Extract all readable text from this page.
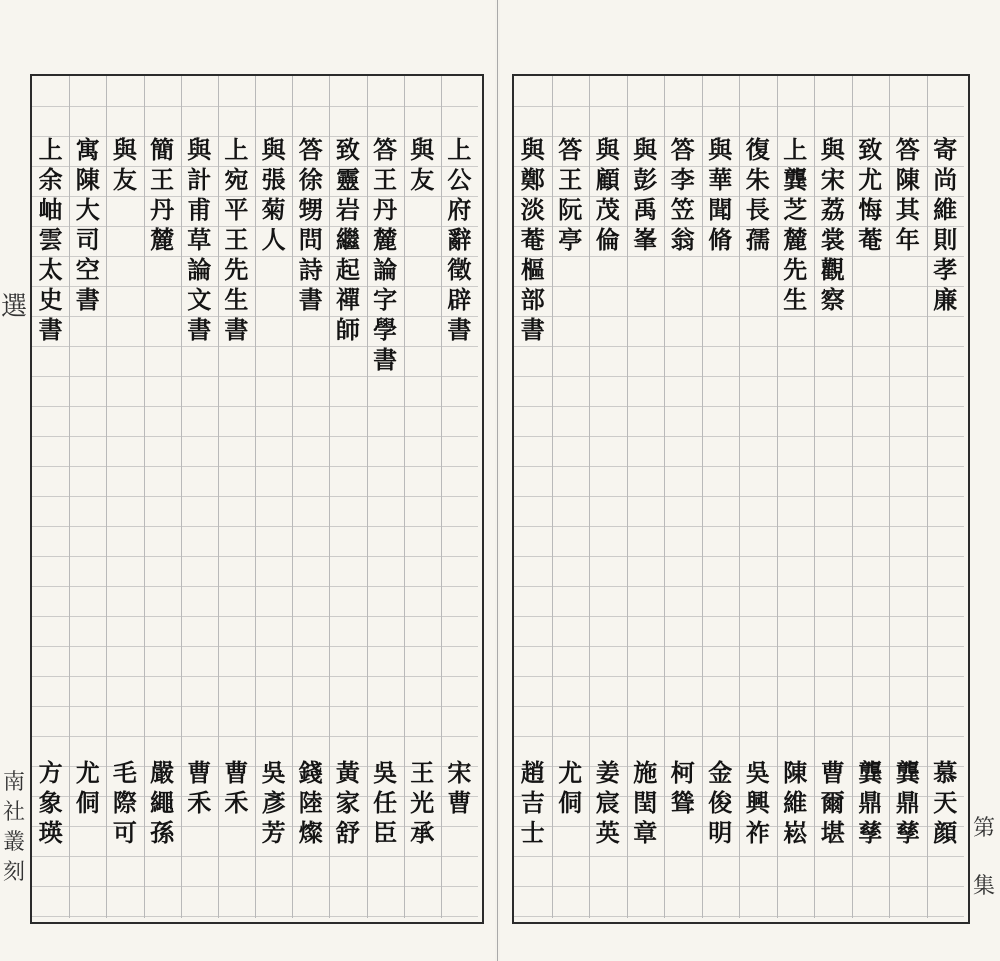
選
南
社
叢
刻
上
公
府
辭
徵
辟
書
與
友
答
王
丹
麓
論
字
學
書
致
靈
岩
繼
起
禪
師
答
徐
甥
問
詩
書
與
張
菊
人
上
宛
平
王
先
生
書
與
計
甫
草
論
文
書
簡
王
丹
麓
與
友
寓
陳
大
司
空
書
上
余
岫
雲
太
史
書
宋
曹
王
光
承
吳
任
臣
黃
家
舒
錢
陸
燦
吳
彥
芳
曹
禾
曹
禾
嚴
繩
孫
毛
際
可
尤
侗
方
象
瑛	第
集
寄
尚
維
則
孝
廉
答
陳
其
年
致
尤
悔
菴
與
宋
荔
裳
觀
察
上
龔
芝
麓
先
生
復
朱
長
孺
與
華
聞
脩
答
李
笠
翁
與
彭
禹
峯
與
顧
茂
倫
答
王
阮
亭
與
鄭
淡
菴
樞
部
書
慕
天
顔
龔
鼎
孳
龔
鼎
孳
曹
爾
堪
陳
維
崧
吳
興
祚
金
俊
明
柯
聳
施
閏
章
姜
宸
英
尤
侗
趙
吉
士
